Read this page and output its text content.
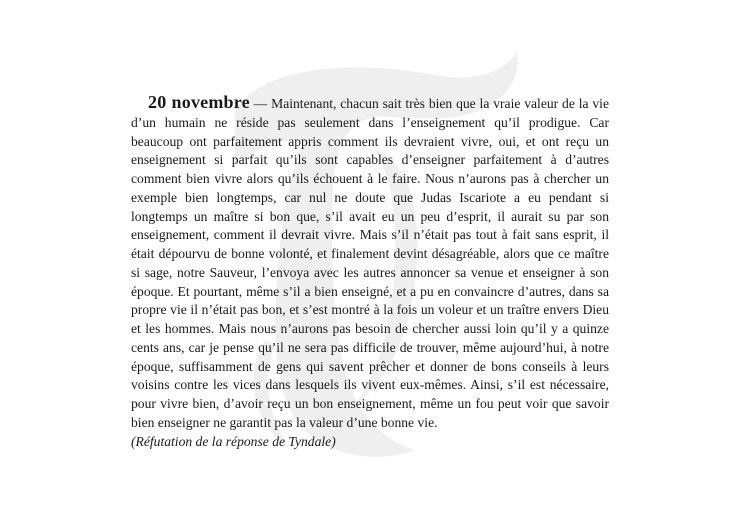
20 novembre — Maintenant, chacun sait très bien que la vraie valeur de la vie d’un humain ne réside pas seulement dans l’enseignement qu’il prodigue. Car beaucoup ont parfaitement appris comment ils devraient vivre, oui, et ont reçu un enseignement si parfait qu’ils sont capables d’enseigner parfaitement à d’autres comment bien vivre alors qu’ils échouent à le faire. Nous n’aurons pas à chercher un exemple bien longtemps, car nul ne doute que Judas Iscariote a eu pendant si longtemps un maître si bon que, s’il avait eu un peu d’esprit, il aurait su par son enseignement, comment il devrait vivre. Mais s’il n’était pas tout à fait sans esprit, il était dépourvu de bonne volonté, et finalement devint désagréable, alors que ce maître si sage, notre Sauveur, l’envoya avec les autres annoncer sa venue et enseigner à son époque. Et pourtant, même s’il a bien enseigné, et a pu en convaincre d’autres, dans sa propre vie il n’était pas bon, et s’est montré à la fois un voleur et un traître envers Dieu et les hommes. Mais nous n’aurons pas besoin de chercher aussi loin qu’il y a quinze cents ans, car je pense qu’il ne sera pas difficile de trouver, même aujourd’hui, à notre époque, suffisamment de gens qui savent prêcher et donner de bons conseils à leurs voisins contre les vices dans lesquels ils vivent eux-mêmes. Ainsi, s’il est nécessaire, pour vivre bien, d’avoir reçu un bon enseignement, même un fou peut voir que savoir bien enseigner ne garantit pas la valeur d’une bonne vie.
(Réfutation de la réponse de Tyndale)
